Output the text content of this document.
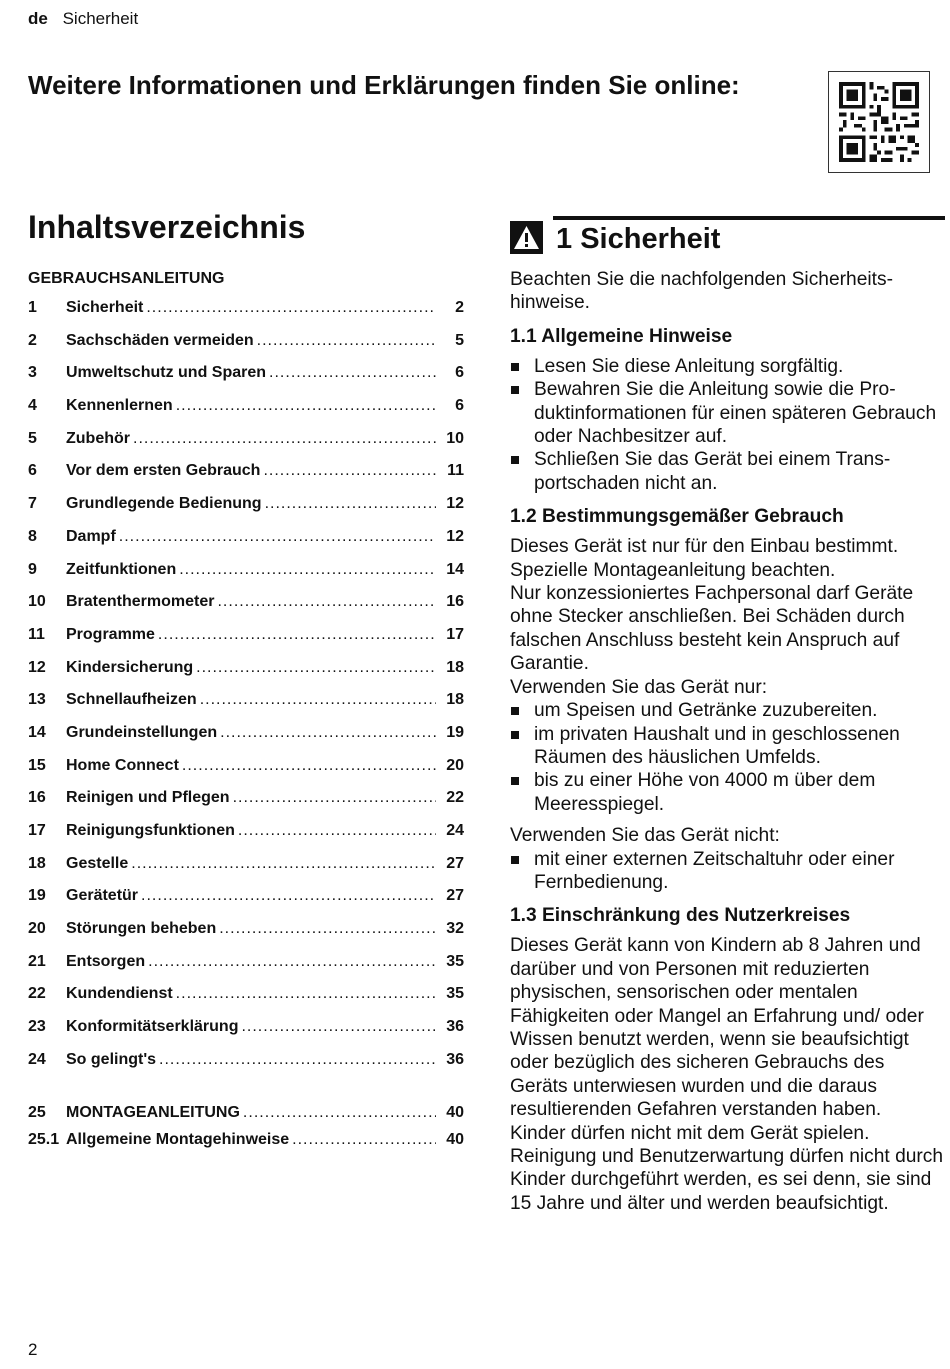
de Sicherheit
Weitere Informationen und Erklärungen finden Sie online:
Inhaltsverzeichnis
GEBRAUCHSANLEITUNG
1	Sicherheit .....	2
2	Sachschäden vermeiden .....	5
3	Umweltschutz und Sparen .....	6
4	Kennenlernen .....	6
5	Zubehör .....	10
6	Vor dem ersten Gebrauch .....	11
7	Grundlegende Bedienung .....	12
8	Dampf .....	12
9	Zeitfunktionen .....	14
10	Bratenthermometer .....	16
11	Programme .....	17
12	Kindersicherung .....	18
13	Schnellaufheizen .....	18
14	Grundeinstellungen .....	19
15	Home Connect .....	20
16	Reinigen und Pflegen .....	22
17	Reinigungsfunktionen .....	24
18	Gestelle .....	27
19	Gerätetür .....	27
20	Störungen beheben .....	32
21	Entsorgen .....	35
22	Kundendienst .....	35
23	Konformitätserklärung .....	36
24	So gelingt's .....	36
25	MONTAGEANLEITUNG .....	40
25.1 Allgemeine Montagehinweise .....	40
1 Sicherheit

Beachten Sie die nachfolgenden Sicherheitshinweise.

1.1 Allgemeine Hinweise
Lesen Sie diese Anleitung sorgfältig.
Bewahren Sie die Anleitung sowie die Produktinformationen für einen späteren Gebrauch oder Nachbesitzer auf.
Schließen Sie das Gerät bei einem Transportschaden nicht an.
1.2 Bestimmungsgemäßer Gebrauch

Dieses Gerät ist nur für den Einbau bestimmt. Spezielle Montageanleitung beachten.

Nur konzessioniertes Fachpersonal darf Geräte ohne Stecker anschließen. Bei Schäden durch falschen Anschluss besteht kein Anspruch auf Garantie.

Verwenden Sie das Gerät nur:

um Speisen und Getränke zuzubereiten.
im privaten Haushalt und in geschlossenen Räumen des häuslichen Umfelds.
bis zu einer Höhe von 4000 m über dem Meeresspiegel.

Verwenden Sie das Gerät nicht:

mit einer externen Zeitschaltuhr oder einer Fernbedienung.
1.3 Einschränkung des Nutzerkreises

Dieses Gerät kann von Kindern ab 8 Jahren und darüber und von Personen mit reduzierten physischen, sensorischen oder mentalen Fähigkeiten oder Mangel an Erfahrung und/ oder Wissen benutzt werden, wenn sie beaufsichtigt oder bezüglich des sicheren Gebrauchs des Geräts unterwiesen wurden und die daraus resultierenden Gefahren verstanden haben.

Kinder dürfen nicht mit dem Gerät spielen.

Reinigung und Benutzerwartung dürfen nicht durch Kinder durchgeführt werden, es sei denn, sie sind 15 Jahre und älter und werden beaufsichtigt.

2
